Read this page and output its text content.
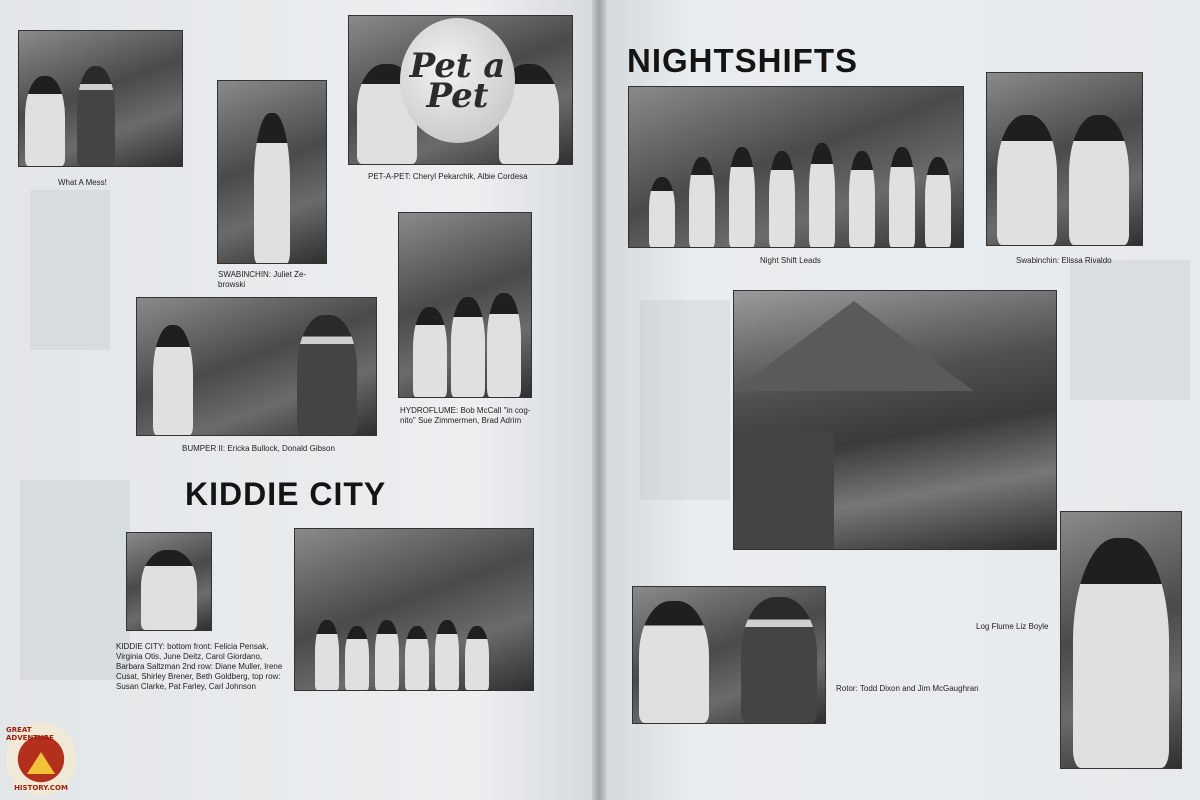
What A Mess!
SWABINCHIN: Juliet Ze-browski
Pet a Pet
PET-A-PET: Cheryl Pekarchik, Albie Cordesa
HYDROFLUME: Bob McCall "in cog-nito" Sue Zimmermen, Brad Adrim
BUMPER II: Ericka Bullock, Donald Gibson
KIDDIE CITY
KIDDIE CITY: bottom front: Felicia Pensak, Virginia Otis, June Deitz, Carol Giordano, Barbara Saltzman 2nd row: Diane Muller, Irene Cusat, Shirley Brener, Beth Goldberg, top row: Susan Clarke, Pat Farley, Carl Johnson
NIGHTSHIFTS
Night Shift Leads	Swabinchin: Elissa Rivaldo
Log Flume Liz Boyle
Rotor: Todd Dixon and Jim McGaughran
GREAT ADVENTURE
HISTORY.COM
